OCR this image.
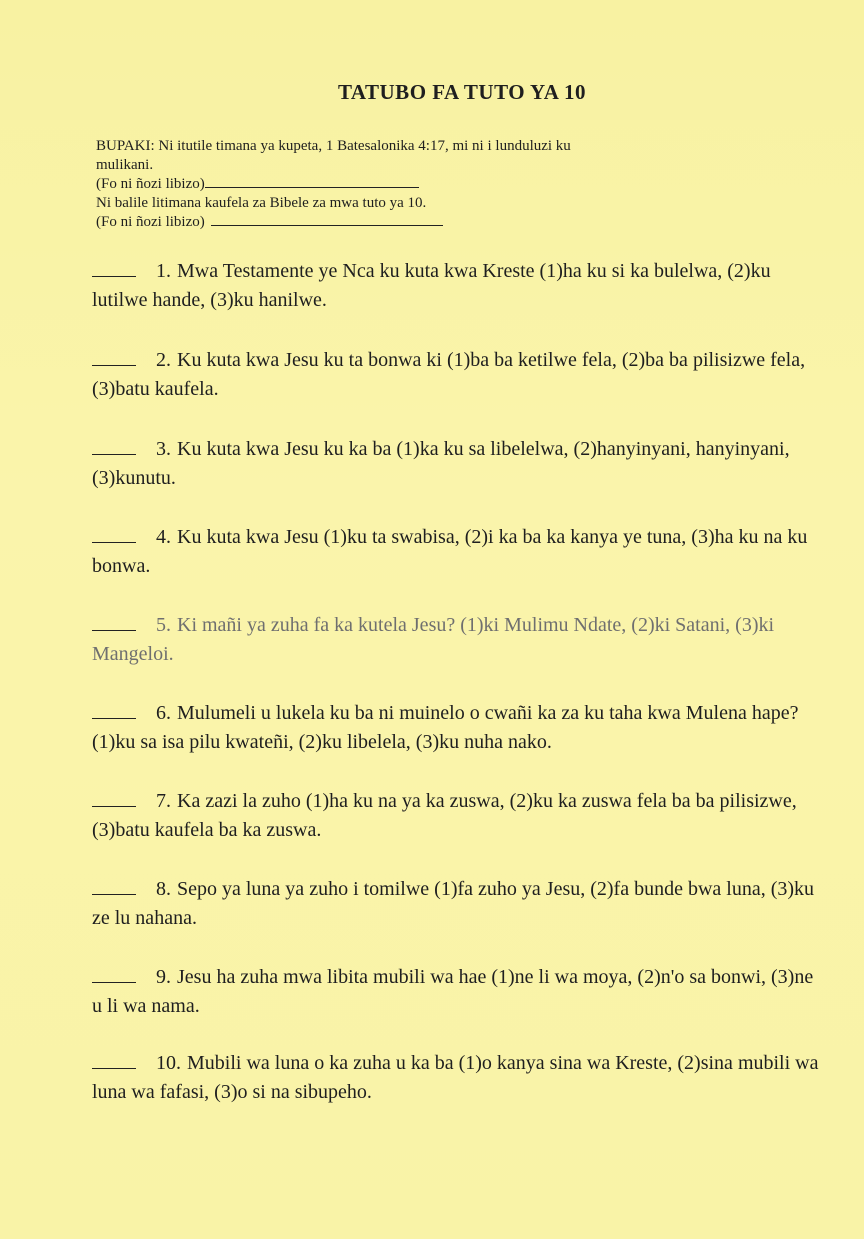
TATUBO FA TUTO YA 10
BUPAKI: Ni itutile timana ya kupeta, 1 Batesalonika 4:17, mi ni i lunduluzi ku
mulikani.
(Fo ni ñozi libizo)
Ni balile litimana kaufela za Bibele za mwa tuto ya 10.
(Fo ni ñozi libizo)
1. Mwa Testamente ye Nca ku kuta kwa Kreste (1)ha ku si ka bulelwa, (2)ku lutilwe hande, (3)ku hanilwe.
2. Ku kuta kwa Jesu ku ta bonwa ki (1)ba ba ketilwe fela, (2)ba ba pilisizwe fela, (3)batu kaufela.
3. Ku kuta kwa Jesu ku ka ba (1)ka ku sa libelelwa, (2)hanyinyani, hanyinyani, (3)kunutu.
4. Ku kuta kwa Jesu (1)ku ta swabisa, (2)i ka ba ka kanya ye tuna, (3)ha ku na ku bonwa.
5. Ki mañi ya zuha fa ka kutela Jesu? (1)ki Mulimu Ndate, (2)ki Satani, (3)ki Mangeloi.
6. Mulumeli u lukela ku ba ni muinelo o cwañi ka za ku taha kwa Mulena hape? (1)ku sa isa pilu kwateñi, (2)ku libelela, (3)ku nuha nako.
7. Ka zazi la zuho (1)ha ku na ya ka zuswa, (2)ku ka zuswa fela ba ba pilisizwe, (3)batu kaufela ba ka zuswa.
8. Sepo ya luna ya zuho i tomilwe (1)fa zuho ya Jesu, (2)fa bunde bwa luna, (3)ku ze lu nahana.
9. Jesu ha zuha mwa libita mubili wa hae (1)ne li wa moya, (2)n'o sa bonwi, (3)ne u li wa nama.
10. Mubili wa luna o ka zuha u ka ba (1)o kanya sina wa Kreste, (2)sina mubili wa luna wa fafasi, (3)o si na sibupeho.
